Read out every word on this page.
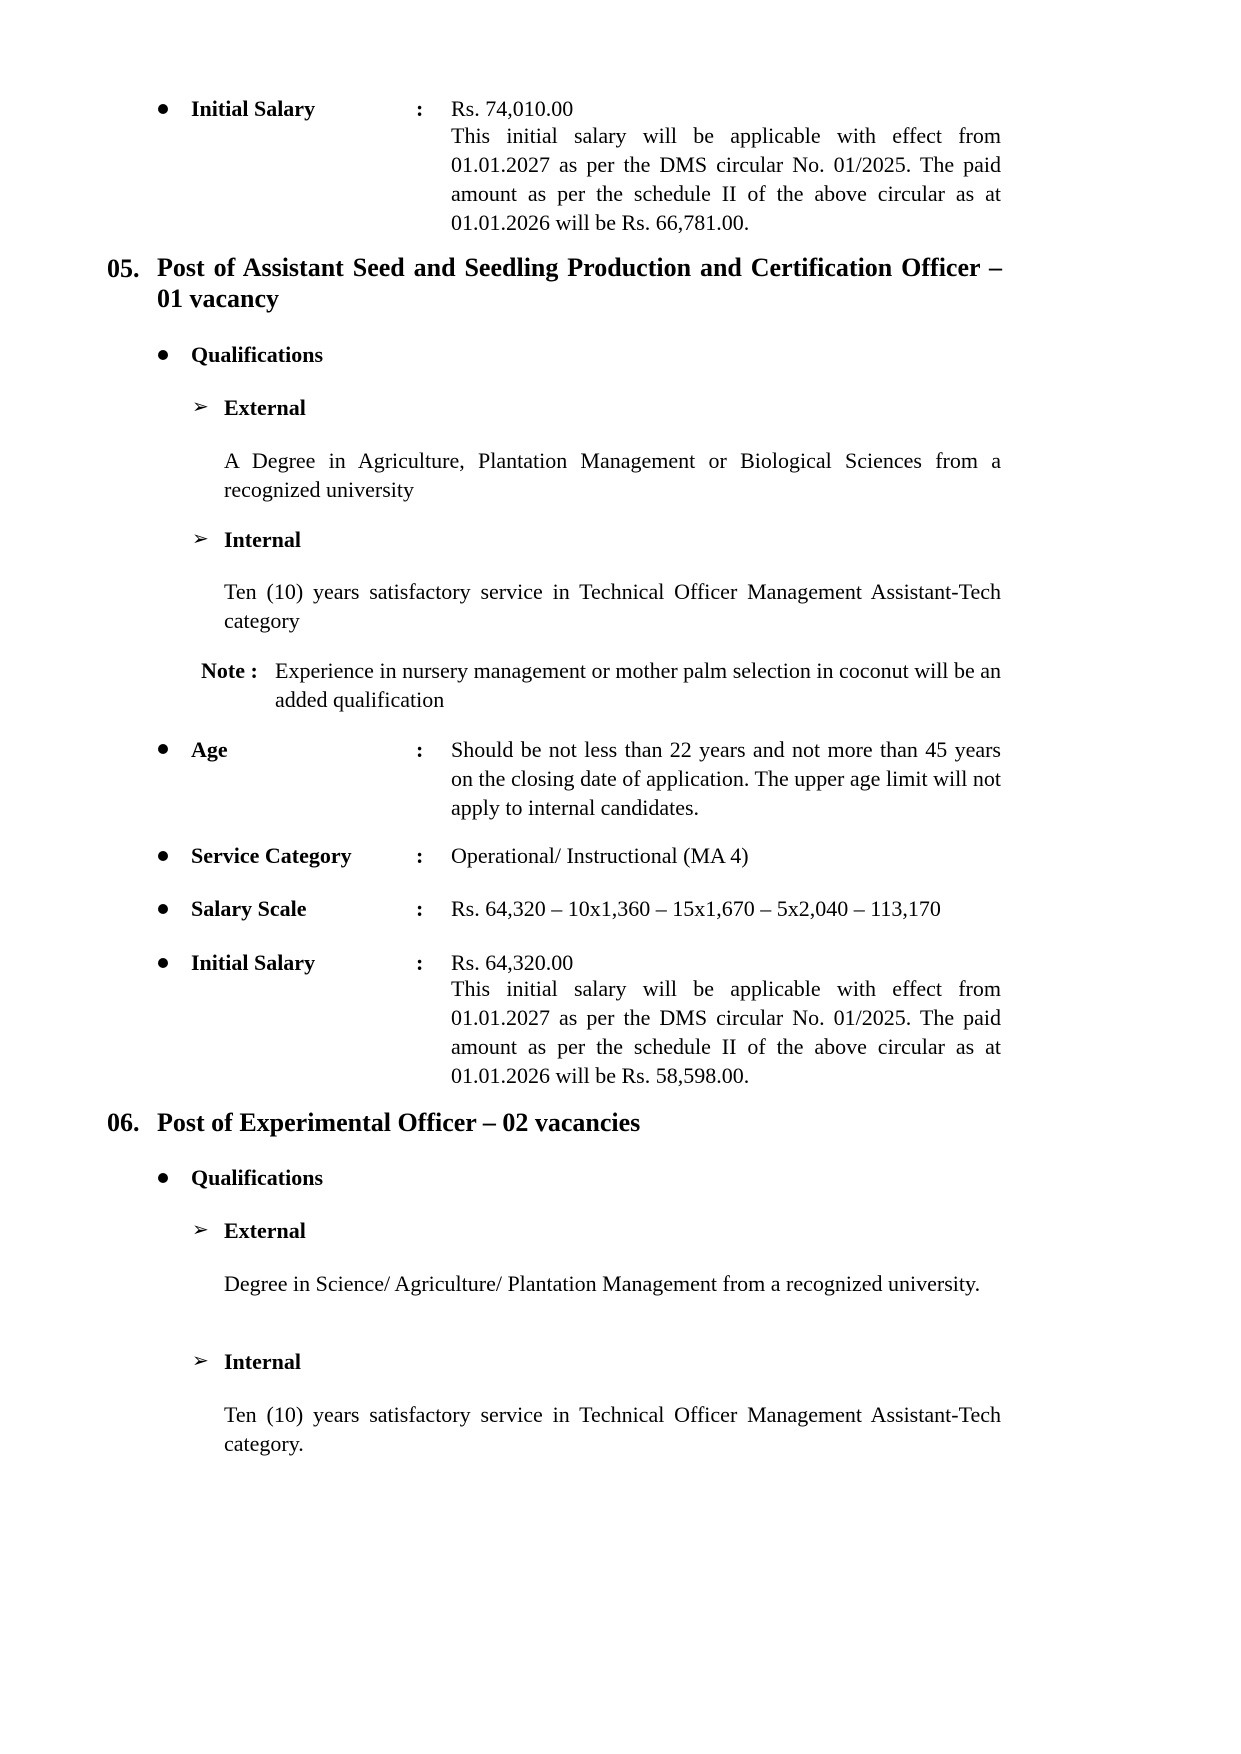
Initial Salary	: Rs. 74,010.00
This initial salary will be applicable with effect from 01.01.2027 as per the DMS circular No. 01/2025. The paid amount as per the schedule II of the above circular as at 01.01.2026 will be Rs. 66,781.00.
05. Post of Assistant Seed and Seedling Production and Certification Officer – 01 vacancy
Qualifications
➢ External
A Degree in Agriculture, Plantation Management or Biological Sciences from a recognized university
➢ Internal
Ten (10) years satisfactory service in Technical Officer Management Assistant-Tech category
Note : Experience in nursery management or mother palm selection in coconut will be an added qualification
Age	: Should be not less than 22 years and not more than 45 years on the closing date of application. The upper age limit will not apply to internal candidates.
Service Category	: Operational/ Instructional (MA 4)
Salary Scale	: Rs. 64,320 – 10x1,360 – 15x1,670 – 5x2,040 – 113,170
Initial Salary	: Rs. 64,320.00
This initial salary will be applicable with effect from 01.01.2027 as per the DMS circular No. 01/2025. The paid amount as per the schedule II of the above circular as at 01.01.2026 will be Rs. 58,598.00.
06. Post of Experimental Officer – 02 vacancies
Qualifications
➢ External
Degree in Science/ Agriculture/ Plantation Management from a recognized university.
➢ Internal
Ten (10) years satisfactory service in Technical Officer Management Assistant-Tech category.
